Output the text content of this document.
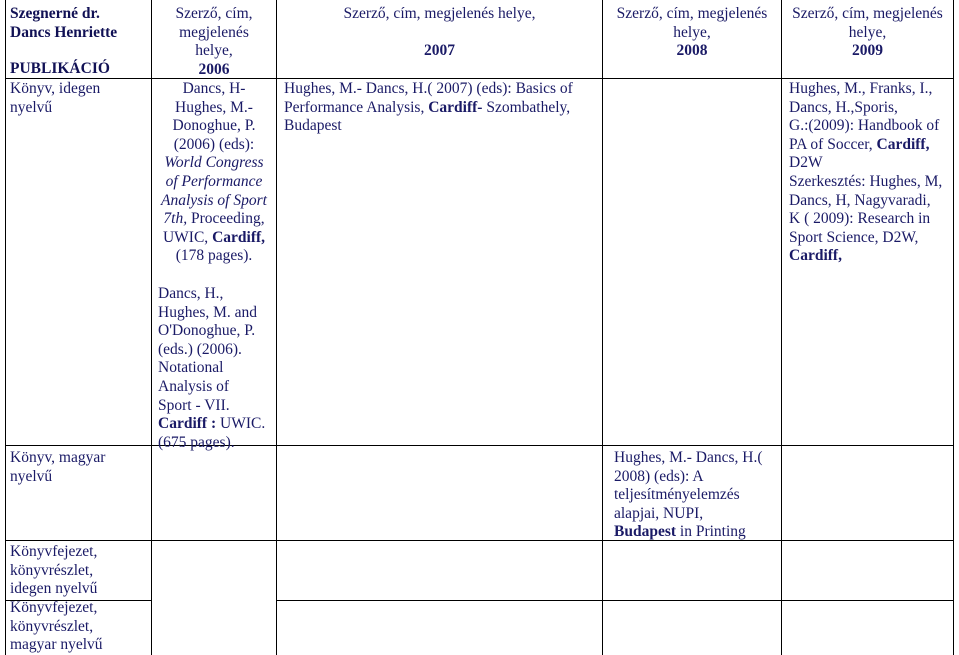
Szegnerné dr.
Dancs Henriette
PUBLIKÁCIÓ
Szerző, cím,
megjelenés
helye,
2006
Szerző, cím, megjelenés helye,
2007
Szerző, cím, megjelenés
helye,
2008
Szerző, cím, megjelenés
helye,
2009
Könyv, idegen
nyelvű
Dancs, H-
Hughes, M.-
Donoghue, P.
(2006) (eds):
World Congress
of Performance
Analysis of Sport
7th, Proceeding,
UWIC, Cardiff,
(178 pages).
Hughes, M.- Dancs, H.( 2007) (eds): Basics of
Performance Analysis, Cardiff- Szombathely,
Budapest
Hughes, M., Franks, I.,
Dancs, H.,Sporis,
G.:(2009): Handbook of
PA of Soccer, Cardiff,
D2W
Szerkesztés: Hughes, M,
Dancs, H, Nagyvaradi,
K ( 2009): Research in
Sport Science, D2W,
Cardiff,
Dancs, H.,
Hughes, M. and
O'Donoghue, P.
(eds.) (2006).
Notational
Analysis of
Sport - VII.
Cardiff : UWIC.
(675 pages).
Könyv, magyar
nyelvű
Hughes, M.- Dancs, H.(
2008) (eds): A
teljesítményelemzés
alapjai, NUPI,
Budapest in Printing
Könyvfejezet,
könyvrészlet,
idegen nyelvű
Könyvfejezet,
könyvrészlet,
magyar nyelvű
